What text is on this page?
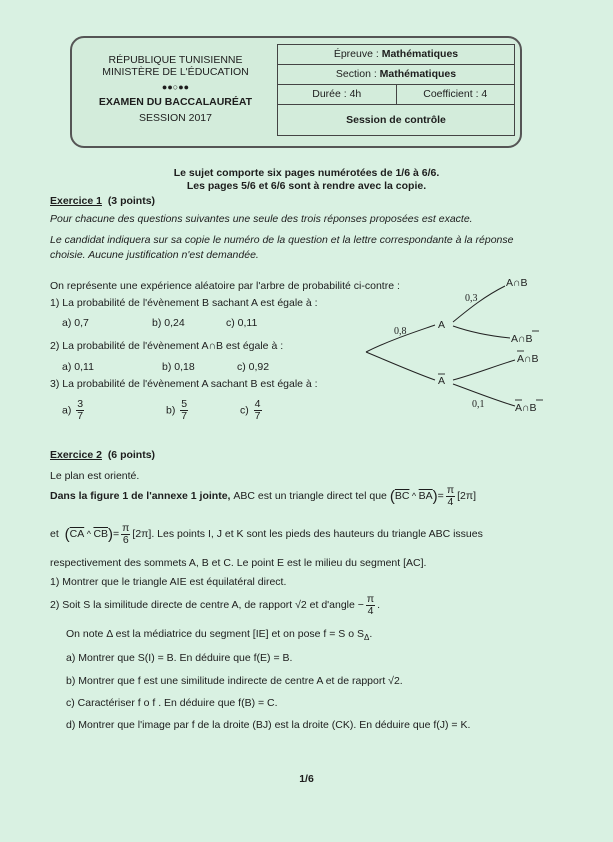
RÉPUBLIQUE TUNISIENNE
MINISTÈRE DE L'ÉDUCATION
●●○●●
EXAMEN DU BACCALAURÉAT
SESSION 2017
Épreuve : Mathématiques
Section : Mathématiques
Durée : 4h	Coefficient : 4
Session de contrôle
Le sujet comporte six pages numérotées de 1/6 à 6/6.
Les pages 5/6 et 6/6 sont à rendre avec la copie.
Exercice 1 (3 points)
Pour chacune des questions suivantes une seule des trois réponses proposées est exacte.
Le candidat indiquera sur sa copie le numéro de la question et la lettre correspondante à la réponse
choisie. Aucune justification n'est demandée.
On représente une expérience aléatoire par l'arbre de probabilité ci-contre :
1) La probabilité de l'évènement B sachant A est égale à :
a) 0,7	b) 0,24	c) 0,11
2) La probabilité de l'évènement A∩B est égale à :
a) 0,11	b) 0,18	c) 0,92
3) La probabilité de l'évènement A sachant B est égale à :
$a) \frac{3}{7}$	$b) \frac{5}{7}$	$c) \frac{4}{7}$
0,8
0,3
0,1
A
A
A∩B
A∩B
A∩B
A∩B
Exercice 2 (6 points)
Le plan est orienté.
Dans la figure 1 de l'annexe 1 jointe,
ABC est un triangle direct tel que
( $\overline{BC}$ ^ $\overline{BA}$ ) = $\frac{\pi}{4} [2\pi]$
et
( $\overline{CA}$ ^ $\overline{CB}$ ) = $\frac{\pi}{6} [2\pi]$. Les points I, J et K sont les pieds des hauteurs du triangle ABC issues
respectivement des sommets A, B et C. Le point E est le milieu du segment [AC].
1) Montrer que le triangle AIE est équilatéral direct.
2) Soit S la similitude directe de centre A, de rapport √2 et d'angle − $\frac{\pi}{4}$ .
On note Δ est la médiatrice du segment [IE] et on pose f = S o $S_\Delta$.
a) Montrer que S(I) = B. En déduire que f(E) = B.
b) Montrer que f est une similitude indirecte de centre A et de rapport √2.
c) Caractériser f o f . En déduire que f(B) = C.
d) Montrer que l'image par f de la droite (BJ) est la droite (CK). En déduire que f(J) = K.
1/6
